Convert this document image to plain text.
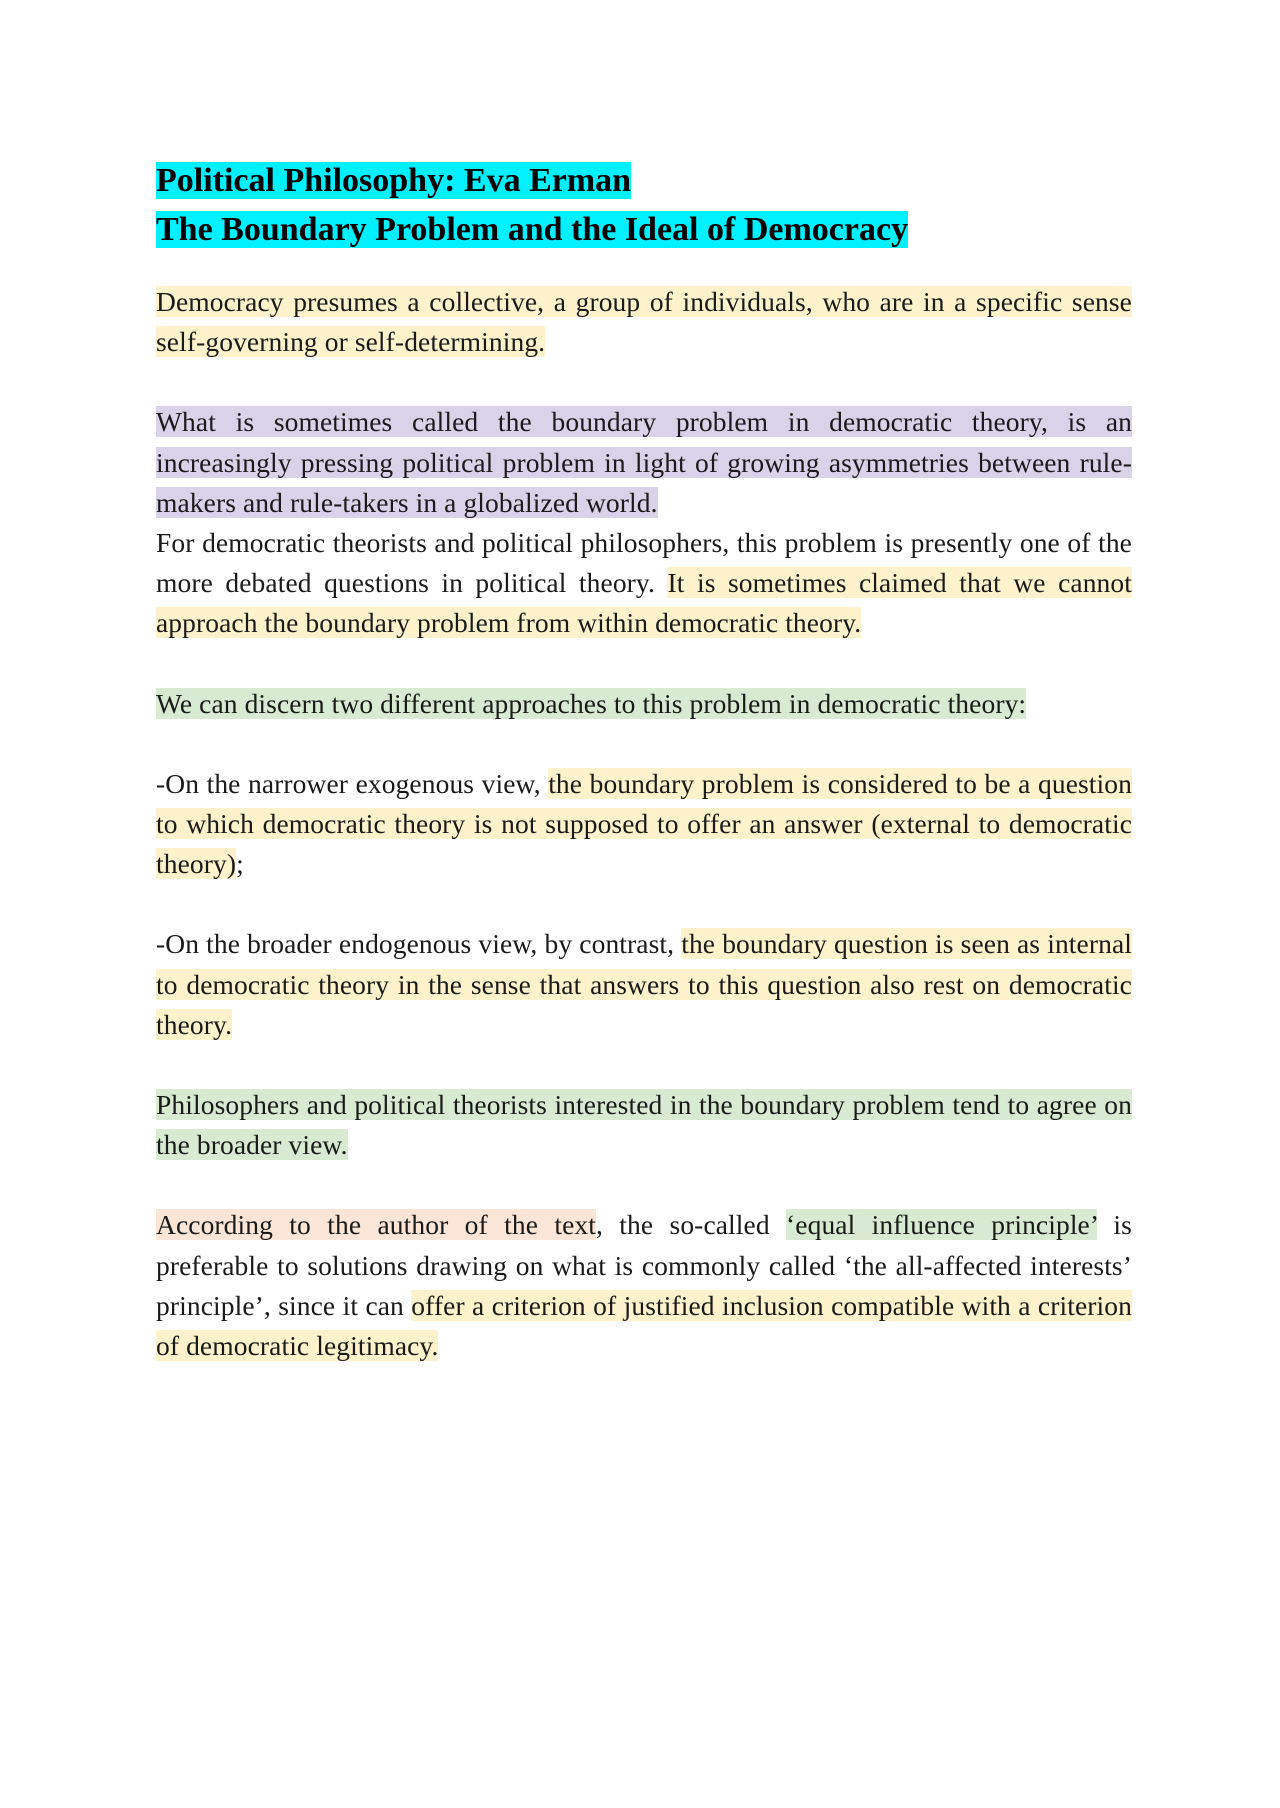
Political Philosophy: Eva Erman
The Boundary Problem and the Ideal of Democracy

Democracy presumes a collective, a group of individuals, who are in a specific sense self-governing or self-determining.

What is sometimes called the boundary problem in democratic theory, is an increasingly pressing political problem in light of growing asymmetries between rule-makers and rule-takers in a globalized world.
For democratic theorists and political philosophers, this problem is presently one of the more debated questions in political theory. It is sometimes claimed that we cannot approach the boundary problem from within democratic theory.

We can discern two different approaches to this problem in democratic theory:

-On the narrower exogenous view, the boundary problem is considered to be a question to which democratic theory is not supposed to offer an answer (external to democratic theory);

-On the broader endogenous view, by contrast, the boundary question is seen as internal to democratic theory in the sense that answers to this question also rest on democratic theory.

Philosophers and political theorists interested in the boundary problem tend to agree on the broader view.

According to the author of the text, the so-called ‘equal influence principle’ is preferable to solutions drawing on what is commonly called ‘the all-affected interests’ principle’, since it can offer a criterion of justified inclusion compatible with a criterion of democratic legitimacy.
